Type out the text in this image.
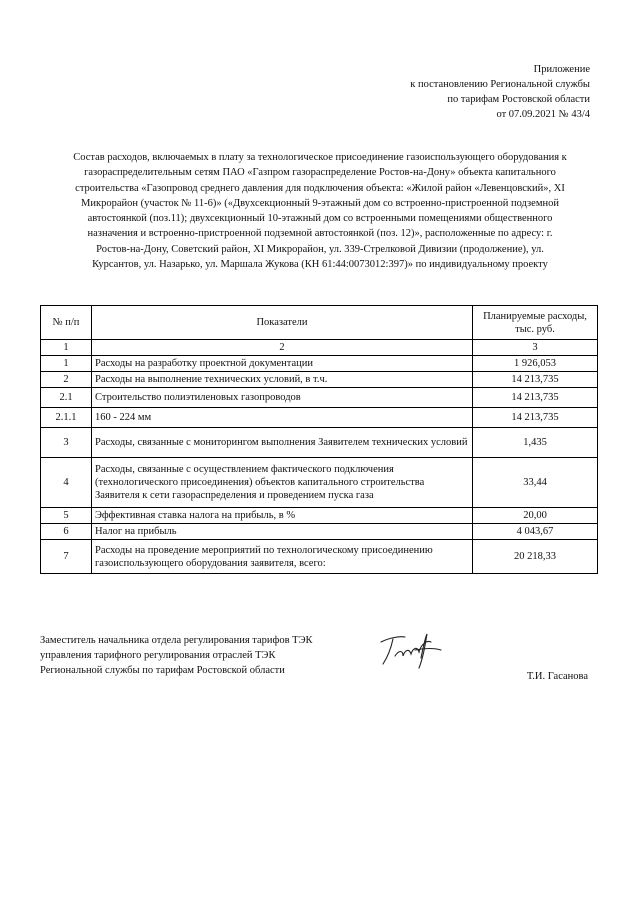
Приложение
к постановлению Региональной службы
по тарифам Ростовской области
от 07.09.2021 № 43/4
Состав расходов, включаемых в плату за технологическое присоединение газоиспользующего оборудования к
газораспределительным сетям ПАО «Газпром газораспределение Ростов-на-Дону» объекта капитального
строительства «Газопровод среднего давления для подключения объекта: «Жилой район «Левенцовский», XI
Микрорайон (участок № 11-6)» («Двухсекционный 9-этажный дом со встроенно-пристроенной подземной
автостоянкой (поз.11); двухсекционный 10-этажный дом со встроенными помещениями общественного
назначения и встроенно-пристроенной подземной автостоянкой (поз. 12)», расположенные по адресу: г.
Ростов-на-Дону, Советский район, XI Микрорайон, ул. 339-Стрелковой Дивизии (продолжение), ул.
Курсантов, ул. Назарько, ул. Маршала Жукова (КН 61:44:0073012:397)» по индивидуальному проекту
№ п/п	Показатели	Планируемые расходы, тыс. руб.
1	2	3
1	Расходы на разработку проектной документации	1 926,053
2	Расходы на выполнение технических условий, в т.ч.	14 213,735
2.1	Строительство полиэтиленовых газопроводов	14 213,735
2.1.1	160 - 224 мм	14 213,735
3	Расходы, связанные с мониторингом выполнения Заявителем технических условий	1,435
4	Расходы, связанные с осуществлением фактического подключения (технологического присоединения) объектов капитального строительства Заявителя к сети газораспределения и проведением пуска газа	33,44
5	Эффективная ставка налога на прибыль, в %	20,00
6	Налог на прибыль	4 043,67
7	Расходы на проведение мероприятий по технологическому присоединению газоиспользующего оборудования заявителя, всего:	20 218,33
Заместитель начальника отдела регулирования тарифов ТЭК
управления тарифного регулирования отраслей ТЭК
Региональной службы по тарифам Ростовской области
Т.И. Гасанова
